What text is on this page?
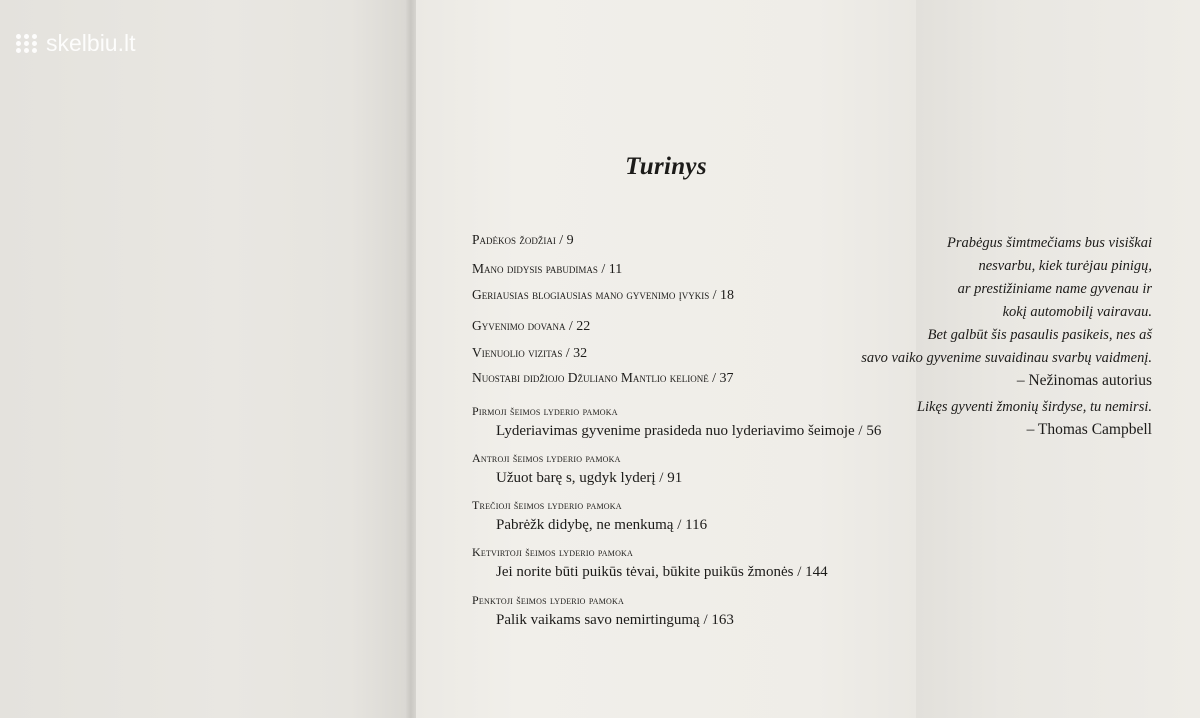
skelbiu.lt
Prabėgus šimtmečiams bus visiškai
nesvarbu, kiek turėjau pinigų,
ar prestižiniame name gyvenau ir
kokį automobilį vairavau.
Bet galbūt šis pasaulis pasikeis, nes aš
savo vaiko gyvenime suvaidinau svarbų vaidmenį.
– Nežinomas autorius
Likęs gyventi žmonių širdyse, tu nemirsi.
– Thomas Campbell
Turinys
Padėkos žodžiai / 9
Mano didysis pabudimas / 11
Geriausias blogiausias mano gyvenimo įvykis / 18
Gyvenimo dovana / 22
Vienuolio vizitas / 32
Nuostabi didžiojo Džuliano Mantlio kelionė / 37
Pirmoji šeimos lyderio pamoka
Lyderiavimas gyvenime prasideda nuo lyderiavimo šeimoje / 56
Antroji šeimos lyderio pamoka
Užuot barę s, ugdyk lyderį / 91
Trečioji šeimos lyderio pamoka
Pabrėžk didybę, ne menkumą / 116
Ketvirtoji šeimos lyderio pamoka
Jei norite būti puikūs tėvai, būkite puikūs žmonės / 144
Penktoji šeimos lyderio pamoka
Palik vaikams savo nemirtingumą / 163
